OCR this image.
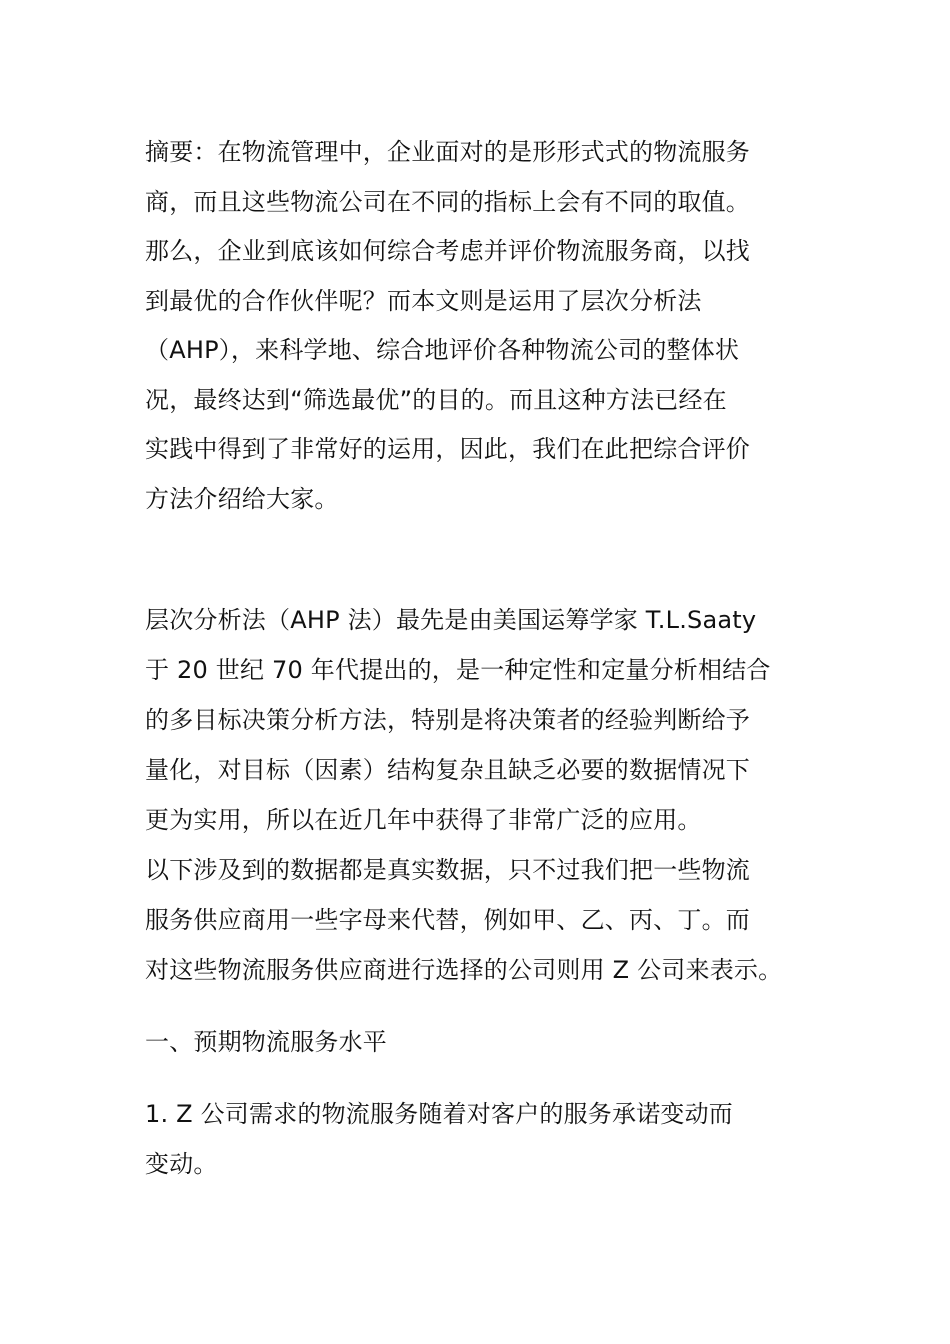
摘要：在物流管理中，企业面对的是形形式式的物流服务

商，而且这些物流公司在不同的指标上会有不同的取值。

那么，企业到底该如何综合考虑并评价物流服务商，以找

到最优的合作伙伴呢？而本文则是运用了层次分析法

（AHP），来科学地、综合地评价各种物流公司的整体状

况，最终达到“筛选最优”的目的。而且这种方法已经在

实践中得到了非常好的运用，因此，我们在此把综合评价

方法介绍给大家。

层次分析法（AHP 法）最先是由美国运筹学家 T.L.Saaty

于 20 世纪 70 年代提出的，是一种定性和定量分析相结合

的多目标决策分析方法，特别是将决策者的经验判断给予

量化，对目标（因素）结构复杂且缺乏必要的数据情况下

更为实用，所以在近几年中获得了非常广泛的应用。

以下涉及到的数据都是真实数据，只不过我们把一些物流

服务供应商用一些字母来代替，例如甲、乙、丙、丁。而

对这些物流服务供应商进行选择的公司则用 Z 公司来表示。

一、预期物流服务水平

1. Z 公司需求的物流服务随着对客户的服务承诺变动而

变动。
